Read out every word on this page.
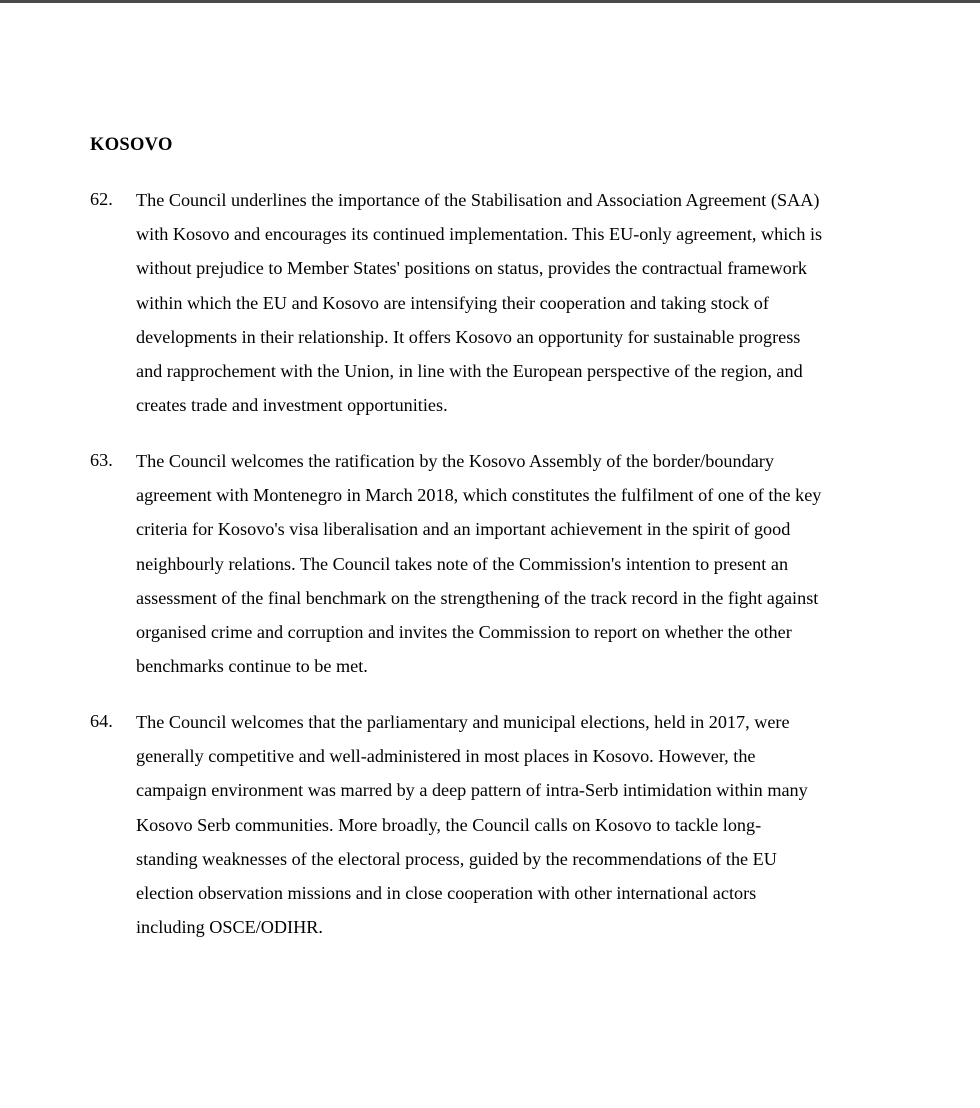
KOSOVO
62.	The Council underlines the importance of the Stabilisation and Association Agreement (SAA)
with Kosovo and encourages its continued implementation. This EU-only agreement, which is
without prejudice to Member States' positions on status, provides the contractual framework
within which the EU and Kosovo are intensifying their cooperation and taking stock of
developments in their relationship. It offers Kosovo an opportunity for sustainable progress
and rapprochement with the Union, in line with the European perspective of the region, and
creates trade and investment opportunities.
63.	The Council welcomes the ratification by the Kosovo Assembly of the border/boundary
agreement with Montenegro in March 2018, which constitutes the fulfilment of one of the key
criteria for Kosovo's visa liberalisation and an important achievement in the spirit of good
neighbourly relations. The Council takes note of the Commission's intention to present an
assessment of the final benchmark on the strengthening of the track record in the fight against
organised crime and corruption and invites the Commission to report on whether the other
benchmarks continue to be met.
64.	The Council welcomes that the parliamentary and municipal elections, held in 2017, were
generally competitive and well-administered in most places in Kosovo. However, the
campaign environment was marred by a deep pattern of intra-Serb intimidation within many
Kosovo Serb communities. More broadly, the Council calls on Kosovo to tackle long-
standing weaknesses of the electoral process, guided by the recommendations of the EU
election observation missions and in close cooperation with other international actors
including OSCE/ODIHR.
